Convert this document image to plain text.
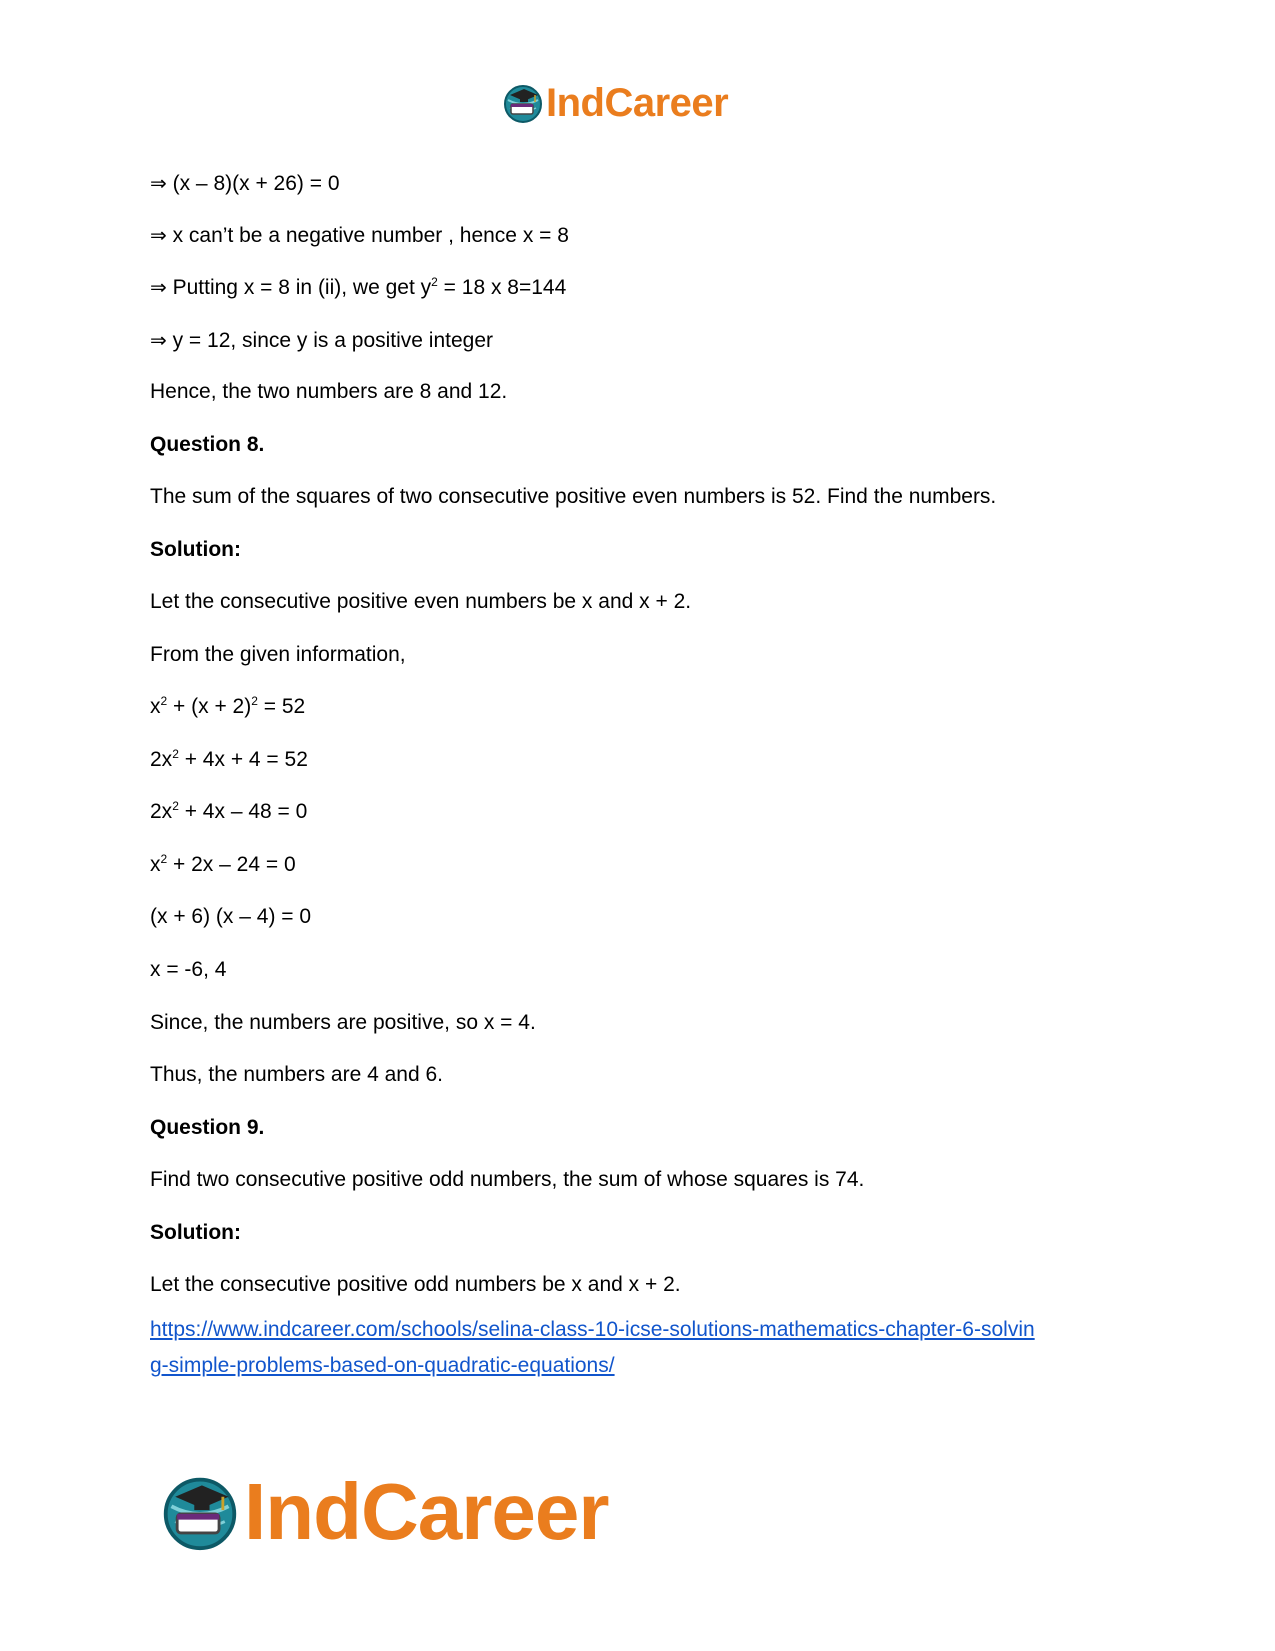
IndCareer
⇒ (x – 8)(x + 26) = 0
⇒ x can’t be a negative number , hence x = 8
⇒ Putting x = 8 in (ii), we get $y^2 = 18$ x 8=144
⇒ y = 12, since y is a positive integer
Hence, the two numbers are 8 and 12.
Question 8.
The sum of the squares of two consecutive positive even numbers is 52. Find the numbers.
Solution:
Let the consecutive positive even numbers be x and x + 2.
From the given information,
$x^2 + (x + 2)^2 = 52$
$2x^2 + 4x + 4 = 52$
$2x^2 + 4x - 48 = 0$
$x^2 + 2x - 24 = 0$
(x + 6) (x – 4) = 0
x = -6, 4
Since, the numbers are positive, so x = 4.
Thus, the numbers are 4 and 6.
Question 9.
Find two consecutive positive odd numbers, the sum of whose squares is 74.
Solution:
Let the consecutive positive odd numbers be x and x + 2.
https://www.indcareer.com/schools/selina-class-10-icse-solutions-mathematics-chapter-6-solvin
g-simple-problems-based-on-quadratic-equations/
IndCareer
